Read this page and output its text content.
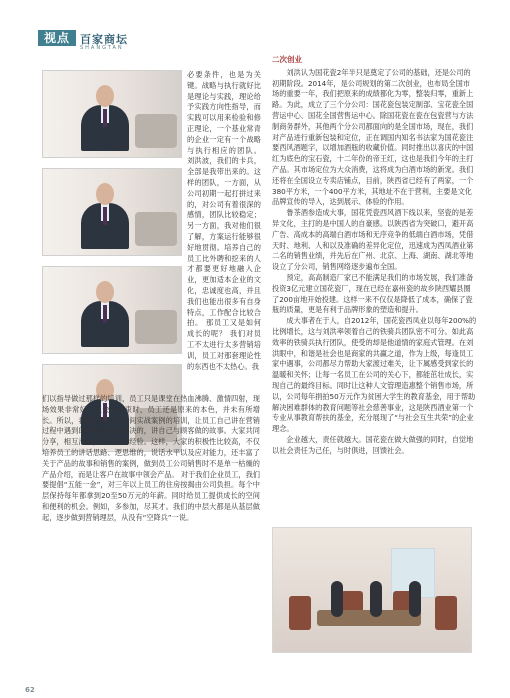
视点 百家商坛
SHANGTAN
必要条件，也是为关键。战略与执行就好比是理论与实践，理论给予实践方向性指导，而实践可以用来检验和修正理论，一个基业常青的企业一定有一个战略与执行相应的团队。 刘洪波，我们的卡兵，全部是我带出来的。这样的团队，一方面，从公司初期一起打拼过来的，对公司有着很深的感情，团队比较稳定；另一方面，我对他们很了解，方案运行能够很好地贯彻。培养自己的员工比外聘和挖来的人才都要更好地融入企业，更加适本企业的文化，忠诚度也高，并且我们也能出很多有自身特点，工作配合比较合拍。 那员工又是如何成长的呢？ 我们对员工不太进行太多营销培训，员工对那套理论性的东西也不太热心。我
们以指导做过那样的培训，员工只是课堂在热血沸腾、激情四射，现场效果非常好，但会议结束时，员工还是原来的本色，并未有所增长。所以，我们注重员工之间实战案例的培训，让员工自己讲在营销过程中遇到的问题是如何解决的，讲自己与顾客做的故事。大家共同分享，相互沟通，传播好的经验。这样，大家的积极性比较高，不仅培养员工的讲话思路、逻思维的，说话水平以及应对能力，还丰富了关于产品的故事和销售的案例，做到员工公司销售时不是单一枯燥的产品介绍，而是让客户在故事中领会产品。 对于我们企业员工，我们要提倡“五能一金”，对三年以上员工的住房按揭由公司负担。每个中层保持每年都拿到20至50万元的年薪。同时给员工提供成长的空间和便利的机会。例如，多参加，尽其才。我们的中层大都是从基层做起，逐步做到营销理层，从没有“空降兵”一说。
二次创业

刘洪认为国花瓷2年半只是奠定了公司的基础，还是公司的初期阶段。2014年，是公司规划的第二次创业，也布局全国市场的重要一年，我们把原来的成绩都化为零，整装归零，重新上路。为此，成立了三个分公司：国花瓷包装定制部、宝花瓷全国营运中心、国花全国营售运中心。除国花瓷在瓷在包瓷营与方法制商务群外，其他两个分公司都面向的是全国市场，现在，我们对产品进行重新包装和定位，正在调国内知名书法家为国花瓷注要西风酒题字，以增加酒瓶的收藏价值。同时推出以喜庆的中国红为底色的宝石瓷，十二年份的帝王红，这也是我们今年的主打产品。其市场定位为大众消费，这将成为白酒市场的新宠。我们还将在全国设立专卖店铺点，目前，陕西省已经有了两家，一个380平方米，一个400平方米，其地址不在于营利，主要是文化品牌宣传的导入，达到展示、体验的作用。

鲁茶酒参造成大事，国花凭瓷西风酒下线以来，坚瓷的是差异文化，主打的是中国人的自豪感。以陕西省为突破口，避开高广告、高成本的高端白酒市场和无序竞争的低端白酒市场，凭借天时、地利、人和以及准确的差异化定位，迅速成为西凤酒业第二名的销售业绩，并先后在广州、北京、上海、湖南、湖北等地设立了分公司，销售网络逐步遍布全国。

预定，高高制造厂家已不能满足我们的市场发展，我们准备投资3亿元建立国花瓷厂，现在已经在嘉州瓷的故乡陕西耀县圈了200亩地开始投建。这样一来不仅仅是降低了成本，确保了瓷瓶的质量，更是有利于品牌形象的塑造和提升。

成大事者在于人，自2012年，国花瓷西凤业以每年200%的比例增长，这与刘洪率领着自己的铁骑兵团队密不可分。如此高效率的铁骑兵执行团队，使受的却是他道情的家庭式管理。在刘洪眼中，和谐是社会也是商家的共赢之道，作为上级，每逢员工家中遇事，公司都尽力帮助大家渡过难关，让下属感受到家长的温暖和关怀；让每一名员工在公司的关心下，都能茁壮成长，实现自己的最终目标。同时让这种人文管理造惠整个销售市场，所以，公司每年捐拍50万元作为贫困大学生的教育基金，用于帮助解决困难群体的教育问题等社会慈善事业，这是陕西酒业第一个专业从事教育帮扶的基金，充分展现了“与社会互生共荣”的企业理念。

企业越大，责任就越大。国花瓷在做大做强的同时，自觉地以社会责任为己任，与时俱进，回馈社会。

62
